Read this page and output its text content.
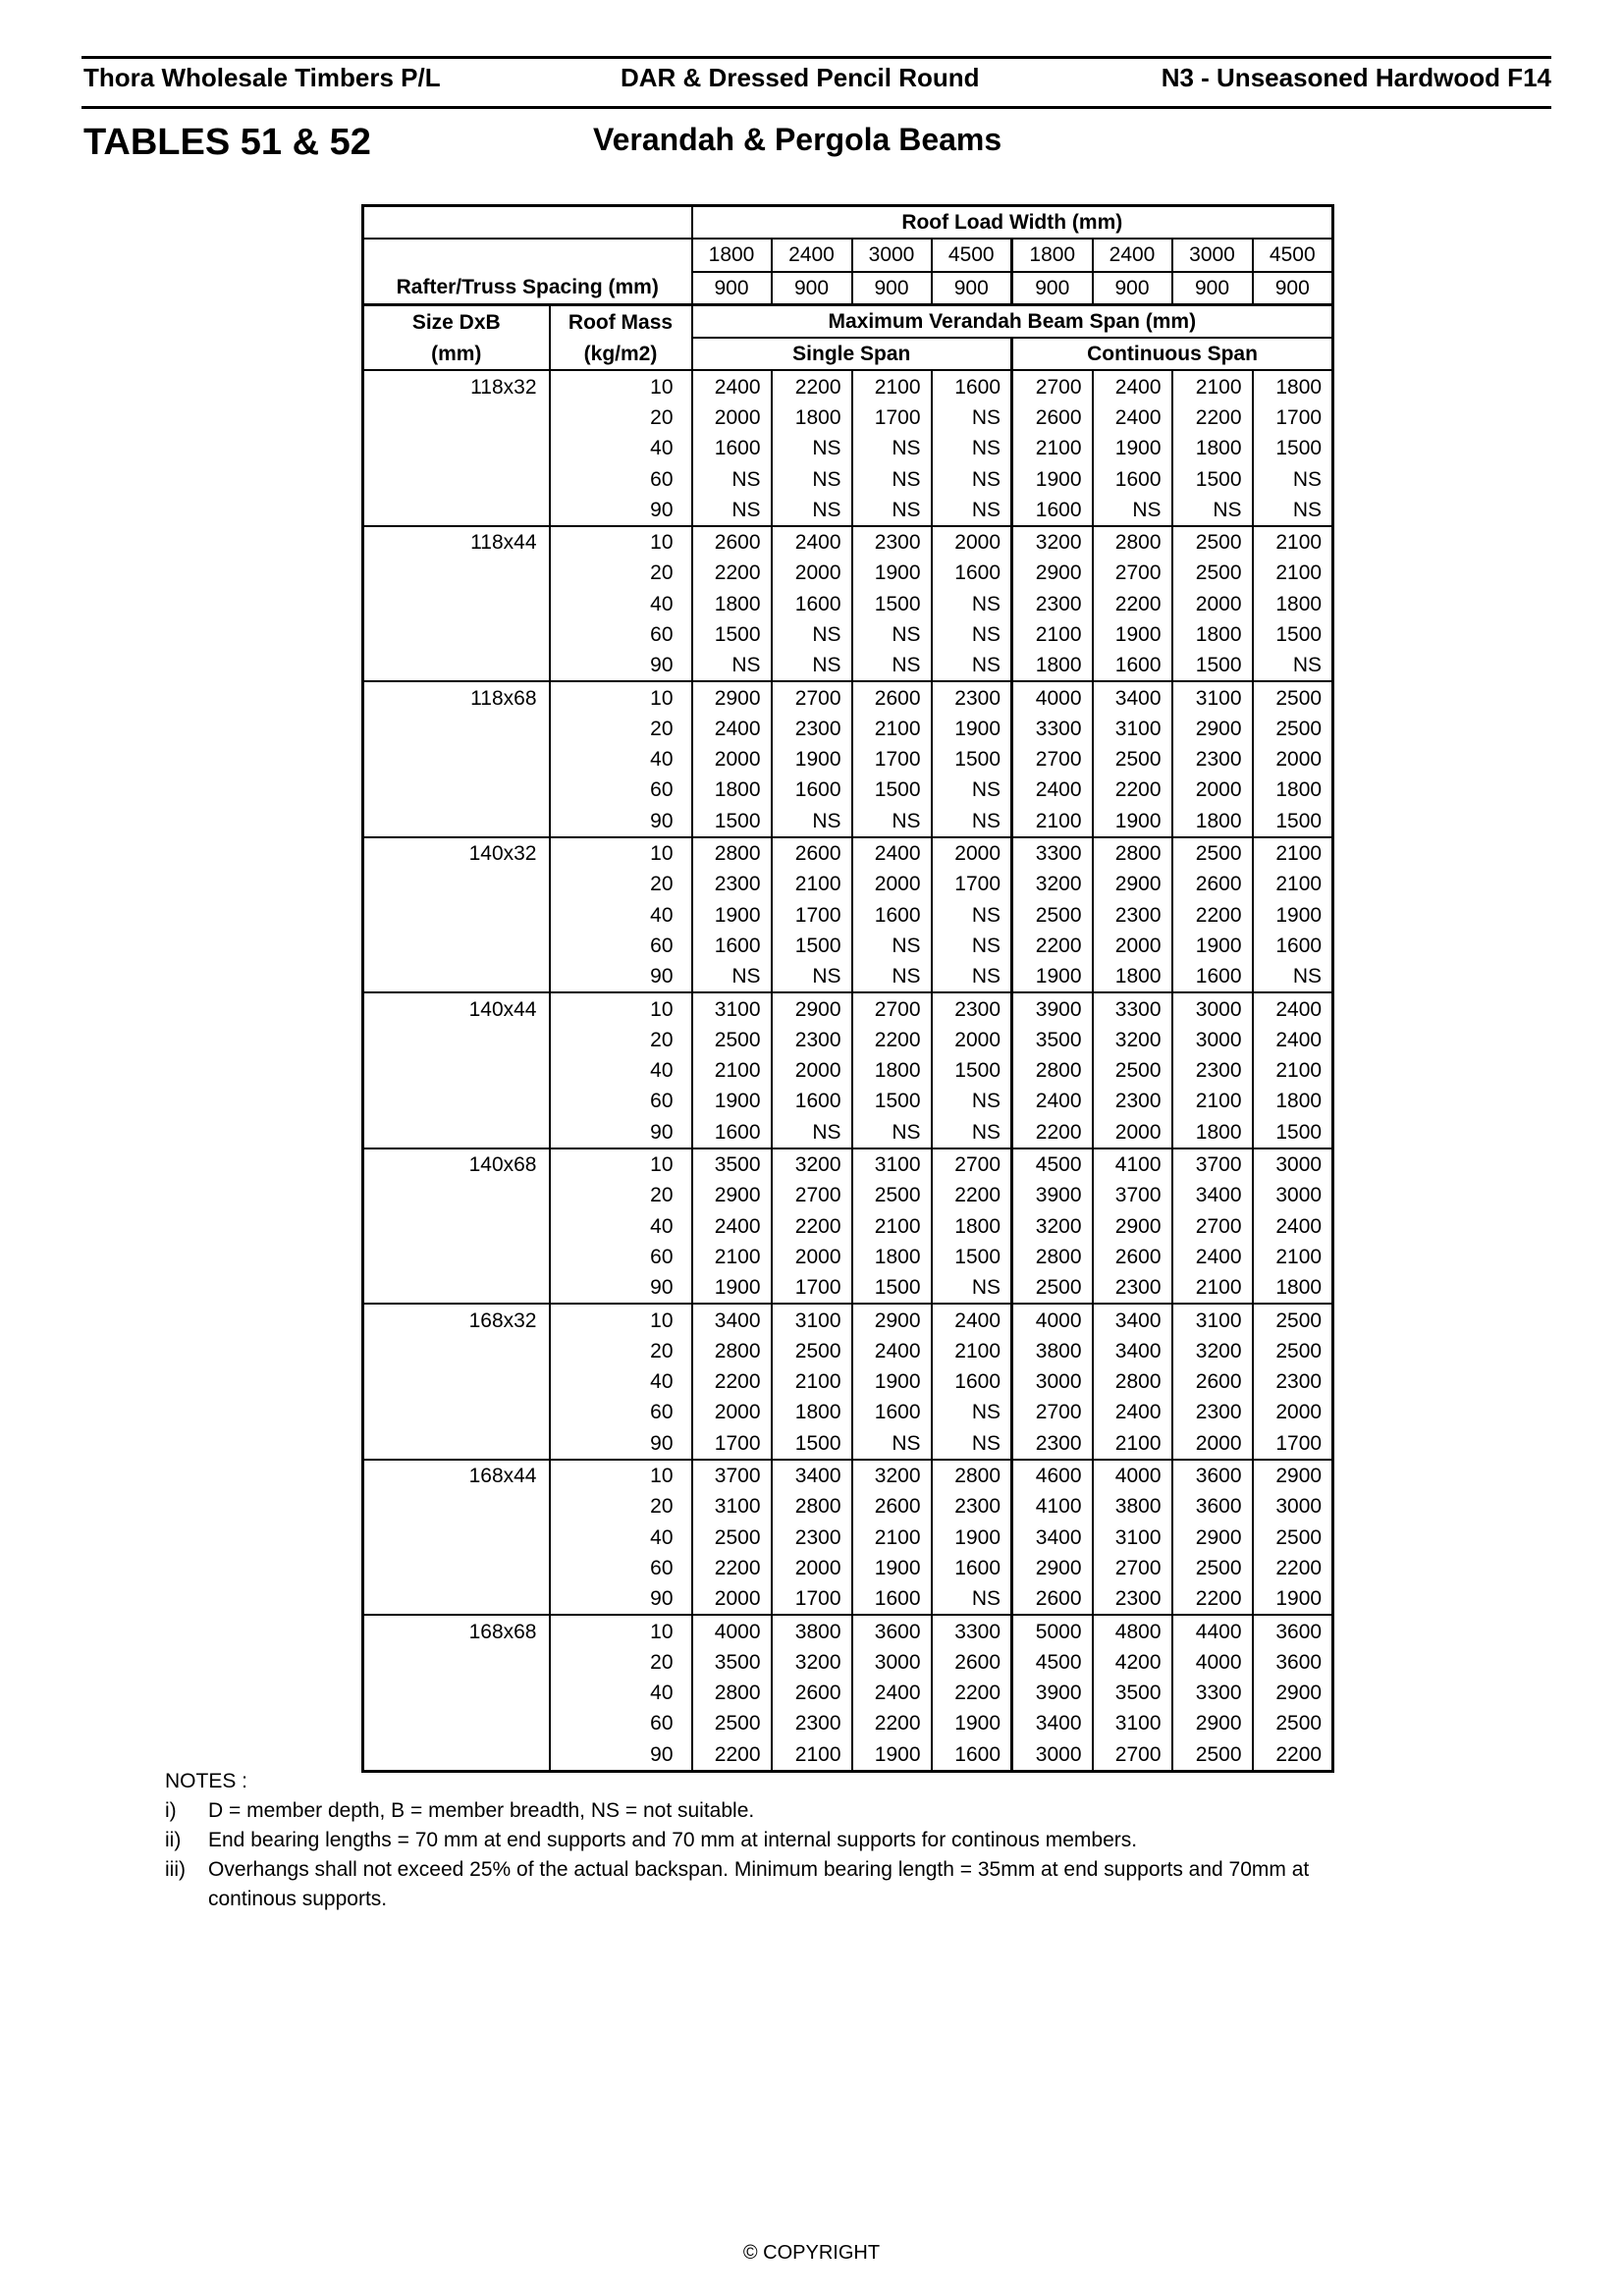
Thora Wholesale Timbers P/L	DAR & Dressed Pencil Round	N3 - Unseasoned Hardwood F14
TABLES 51 & 52	Verandah & Pergola Beams
		Roof Load Width (mm)							
		1800	2400	3000	4500	1800	2400	3000	4500
Rafter/Truss Spacing (mm)		900	900	900	900	900	900	900	900
Size DxB	Roof Mass	Maximum Verandah Beam Span (mm)							
(mm)	(kg/m2)	Single Span				Continuous Span			
118x32	10	2400	2200	2100	1600	2700	2400	2100	1800
	20	2000	1800	1700	NS	2600	2400	2200	1700
	40	1600	NS	NS	NS	2100	1900	1800	1500
	60	NS	NS	NS	NS	1900	1600	1500	NS
	90	NS	NS	NS	NS	1600	NS	NS	NS
118x44	10	2600	2400	2300	2000	3200	2800	2500	2100
	20	2200	2000	1900	1600	2900	2700	2500	2100
	40	1800	1600	1500	NS	2300	2200	2000	1800
	60	1500	NS	NS	NS	2100	1900	1800	1500
	90	NS	NS	NS	NS	1800	1600	1500	NS
118x68	10	2900	2700	2600	2300	4000	3400	3100	2500
	20	2400	2300	2100	1900	3300	3100	2900	2500
	40	2000	1900	1700	1500	2700	2500	2300	2000
	60	1800	1600	1500	NS	2400	2200	2000	1800
	90	1500	NS	NS	NS	2100	1900	1800	1500
140x32	10	2800	2600	2400	2000	3300	2800	2500	2100
	20	2300	2100	2000	1700	3200	2900	2600	2100
	40	1900	1700	1600	NS	2500	2300	2200	1900
	60	1600	1500	NS	NS	2200	2000	1900	1600
	90	NS	NS	NS	NS	1900	1800	1600	NS
140x44	10	3100	2900	2700	2300	3900	3300	3000	2400
	20	2500	2300	2200	2000	3500	3200	3000	2400
	40	2100	2000	1800	1500	2800	2500	2300	2100
	60	1900	1600	1500	NS	2400	2300	2100	1800
	90	1600	NS	NS	NS	2200	2000	1800	1500
140x68	10	3500	3200	3100	2700	4500	4100	3700	3000
	20	2900	2700	2500	2200	3900	3700	3400	3000
	40	2400	2200	2100	1800	3200	2900	2700	2400
	60	2100	2000	1800	1500	2800	2600	2400	2100
	90	1900	1700	1500	NS	2500	2300	2100	1800
168x32	10	3400	3100	2900	2400	4000	3400	3100	2500
	20	2800	2500	2400	2100	3800	3400	3200	2500
	40	2200	2100	1900	1600	3000	2800	2600	2300
	60	2000	1800	1600	NS	2700	2400	2300	2000
	90	1700	1500	NS	NS	2300	2100	2000	1700
168x44	10	3700	3400	3200	2800	4600	4000	3600	2900
	20	3100	2800	2600	2300	4100	3800	3600	3000
	40	2500	2300	2100	1900	3400	3100	2900	2500
	60	2200	2000	1900	1600	2900	2700	2500	2200
	90	2000	1700	1600	NS	2600	2300	2200	1900
168x68	10	4000	3800	3600	3300	5000	4800	4400	3600
	20	3500	3200	3000	2600	4500	4200	4000	3600
	40	2800	2600	2400	2200	3900	3500	3300	2900
	60	2500	2300	2200	1900	3400	3100	2900	2500
	90	2200	2100	1900	1600	3000	2700	2500	2200
NOTES :
i)	D = member depth, B = member breadth, NS = not suitable.
ii)	End bearing lengths = 70 mm at end supports and 70 mm at internal supports for continous members.
iii)	Overhangs shall not exceed 25% of the actual backspan. Minimum bearing length = 35mm at end supports and 70mm at continous supports.
© COPYRIGHT
